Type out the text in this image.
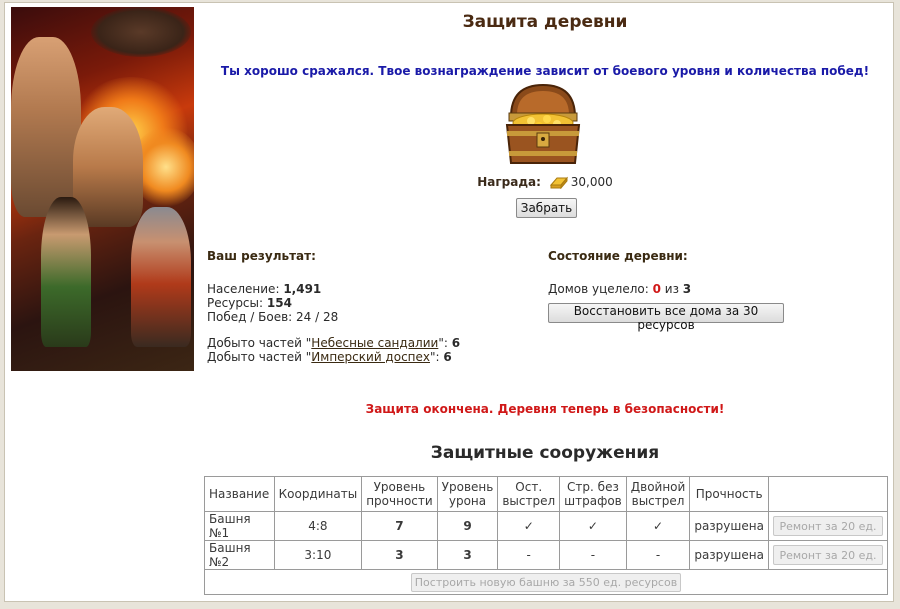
Защита деревни
Ты хорошо сражался. Твое вознаграждение зависит от боевого уровня и количества побед!
Награда: 30,000
Забрать
Ваш результат:
Население: 1,491
Ресурсы: 154
Побед / Боев: 24 / 28
Добыто частей "Небесные сандалии": 6
Добыто частей "Имперский доспех": 6
Состояние деревни:
Домов уцелело: 0 из 3
Восстановить все дома за 30 ресурсов
Защита окончена. Деревня теперь в безопасности!
Защитные сооружения
Название	Координаты	Уровень прочности	Уровень урона	Ост. выстрел	Стр. без штрафов	Двойной выстрел	Прочность	
Башня №1	4:8	7	9	✓	✓	✓	разрушена	Ремонт за 20 ед.
Башня №2	3:10	3	3	-	-	-	разрушена	Ремонт за 20 ед.
Построить новую башню за 550 ед. ресурсов								
